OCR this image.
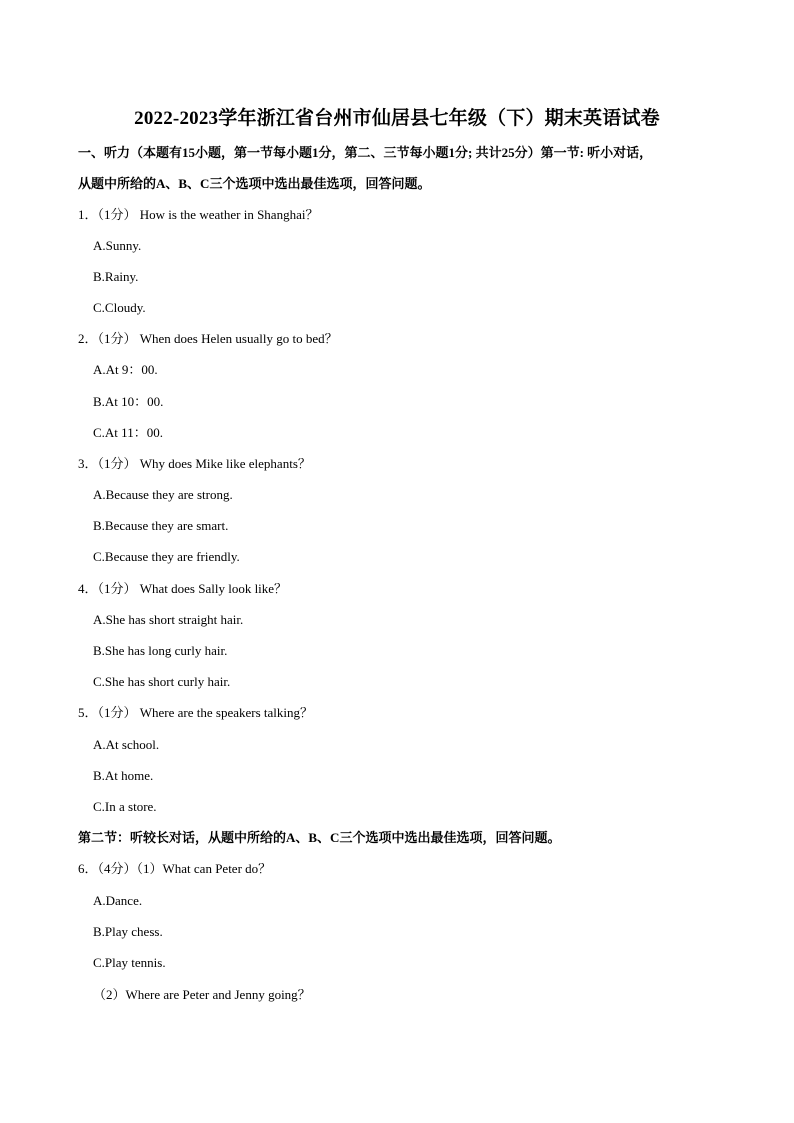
2022-2023学年浙江省台州市仙居县七年级（下）期末英语试卷
一、听力（本题有15小题，第一节每小题1分，第二、三节每小题1分; 共计25分）第一节: 听小对话，
从题中所给的A、B、C三个选项中选出最佳选项，回答问题。
1．（1分） How is the weather in Shanghai？
A.Sunny.
B.Rainy.
C.Cloudy.
2．（1分） When does Helen usually go to bed？
A.At 9：00.
B.At 10：00.
C.At 11：00.
3．（1分） Why does Mike like elephants？
A.Because they are strong.
B.Because they are smart.
C.Because they are friendly.
4．（1分） What does Sally look like？
A.She has short straight hair.
B.She has long curly hair.
C.She has short curly hair.
5．（1分） Where are the speakers talking？
A.At school.
B.At home.
C.In a store.
第二节：听较长对话，从题中所给的A、B、C三个选项中选出最佳选项，回答问题。
6．（4分）（1）What can Peter do？
A.Dance.
B.Play chess.
C.Play tennis.
（2）Where are Peter and Jenny going？
